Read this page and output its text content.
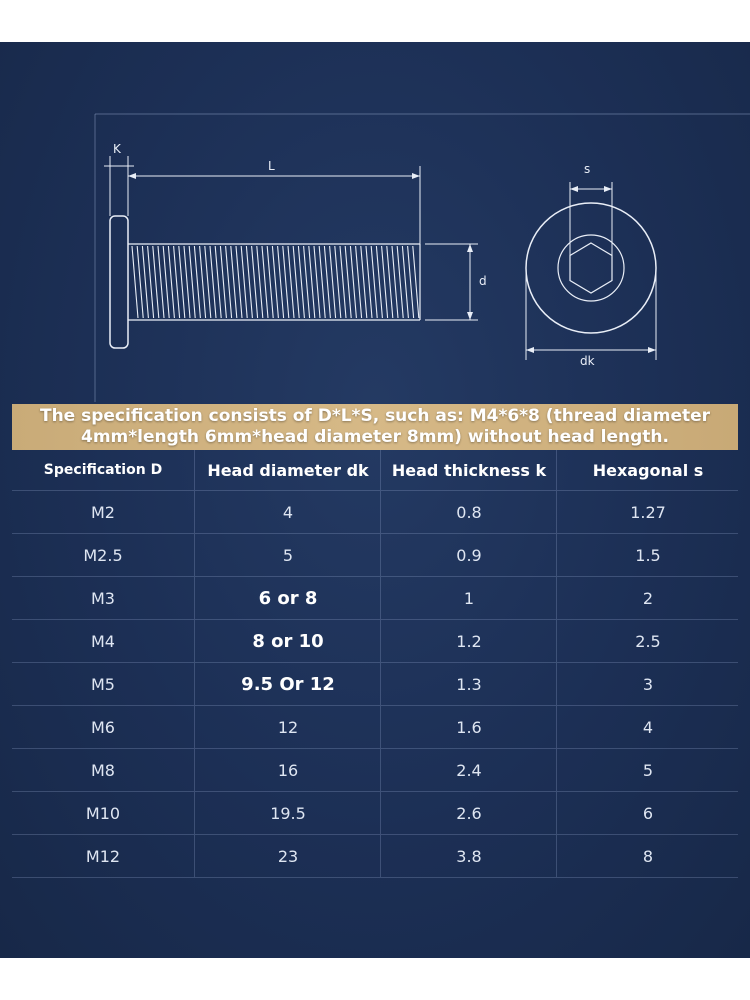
K
L
d
s
dk
The specification consists of D*L*S, such as: M4*6*8 (thread diameter
4mm*length 6mm*head diameter 8mm) without head length.
Specification D	Head diameter dk	Head thickness k	Hexagonal s
M2	4	0.8	1.27
M2.5	5	0.9	1.5
M3	6 or 8	1	2
M4	8 or 10	1.2	2.5
M5	9.5 Or 12	1.3	3
M6	12	1.6	4
M8	16	2.4	5
M10	19.5	2.6	6
M12	23	3.8	8
